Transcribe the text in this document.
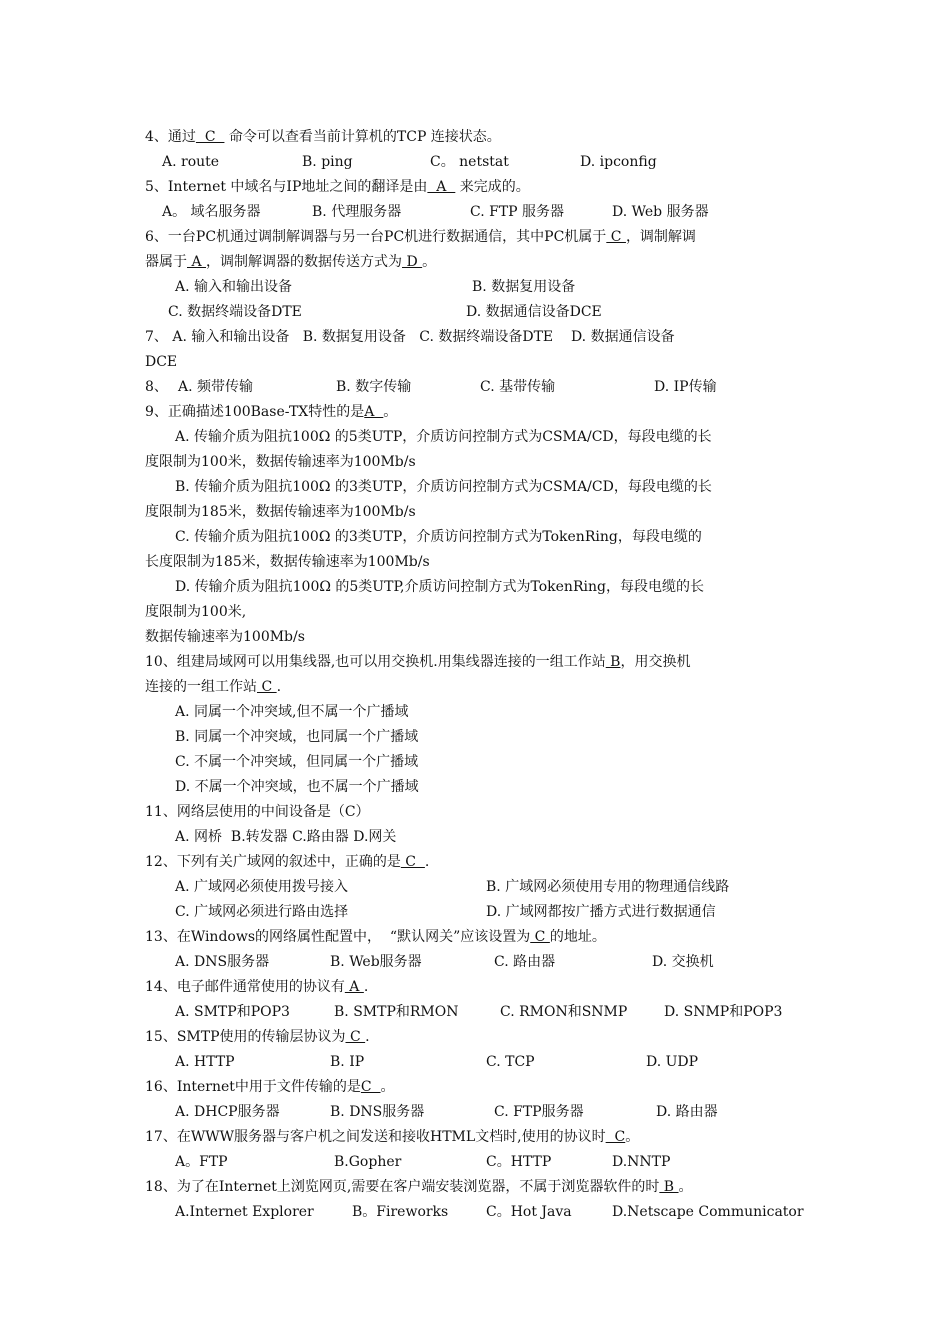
4、通过  C   命令可以查看当前计算机的TCP 连接状态。
A. route	B. ping	C。 netstat	D. ipconfig
5、Internet 中域名与IP地址之间的翻译是由  A   来完成的。
A。 域名服务器	B. 代理服务器	C. FTP 服务器	D. Web 服务器
6、一台PC机通过调制解调器与另一台PC机进行数据通信，其中PC机属于 C ，调制解调
器属于 A ，调制解调器的数据传送方式为 D 。
A. 输入和输出设备	B. 数据复用设备
C. 数据终端设备DTE	D. 数据通信设备DCE
7、 A. 输入和输出设备   B. 数据复用设备   C. 数据终端设备DTE    D. 数据通信设备
DCE
8、 A. 频带传输	B. 数字传输	C. 基带传输	D. IP传输
9、正确描述100Base-TX特性的是A  。
A. 传输介质为阻抗100Ω 的5类UTP，介质访问控制方式为CSMA/CD，每段电缆的长
度限制为100米，数据传输速率为100Mb/s
B. 传输介质为阻抗100Ω 的3类UTP，介质访问控制方式为CSMA/CD，每段电缆的长
度限制为185米，数据传输速率为100Mb/s
C. 传输介质为阻抗100Ω 的3类UTP，介质访问控制方式为TokenRing，每段电缆的
长度限制为185米，数据传输速率为100Mb/s
D. 传输介质为阻抗100Ω 的5类UTP,介质访问控制方式为TokenRing，每段电缆的长
度限制为100米,
数据传输速率为100Mb/s
10、组建局域网可以用集线器,也可以用交换机.用集线器连接的一组工作站 B，用交换机
连接的一组工作站 C .
A. 同属一个冲突域,但不属一个广播域
B. 同属一个冲突域，也同属一个广播域
C. 不属一个冲突域，但同属一个广播域
D. 不属一个冲突域，也不属一个广播域
11、网络层使用的中间设备是（C）
A. 网桥  B.转发器 C.路由器 D.网关
12、下列有关广域网的叙述中，正确的是 C  .
A. 广域网必须使用拨号接入	B. 广域网必须使用专用的物理通信线路
C. 广域网必须进行路由选择	D. 广域网都按广播方式进行数据通信
13、在Windows的网络属性配置中，  “默认网关”应该设置为 C 的地址。
A. DNS服务器	B. Web服务器	C. 路由器	D. 交换机
14、电子邮件通常使用的协议有 A .
A. SMTP和POP3	B. SMTP和RMON	C. RMON和SNMP	D. SNMP和POP3
15、SMTP使用的传输层协议为 C .
A. HTTP	B. IP	C. TCP	D. UDP
16、Internet中用于文件传输的是C  。
A. DHCP服务器	B. DNS服务器	C. FTP服务器	D. 路由器
17、在WWW服务器与客户机之间发送和接收HTML文档时,使用的协议时  C。
A。FTP	B.Gopher	C。HTTP	D.NNTP
18、为了在Internet上浏览网页,需要在客户端安装浏览器，不属于浏览器软件的时 B 。
A.Internet Explorer	B。Fireworks	C。Hot Java	D.Netscape Communicator
